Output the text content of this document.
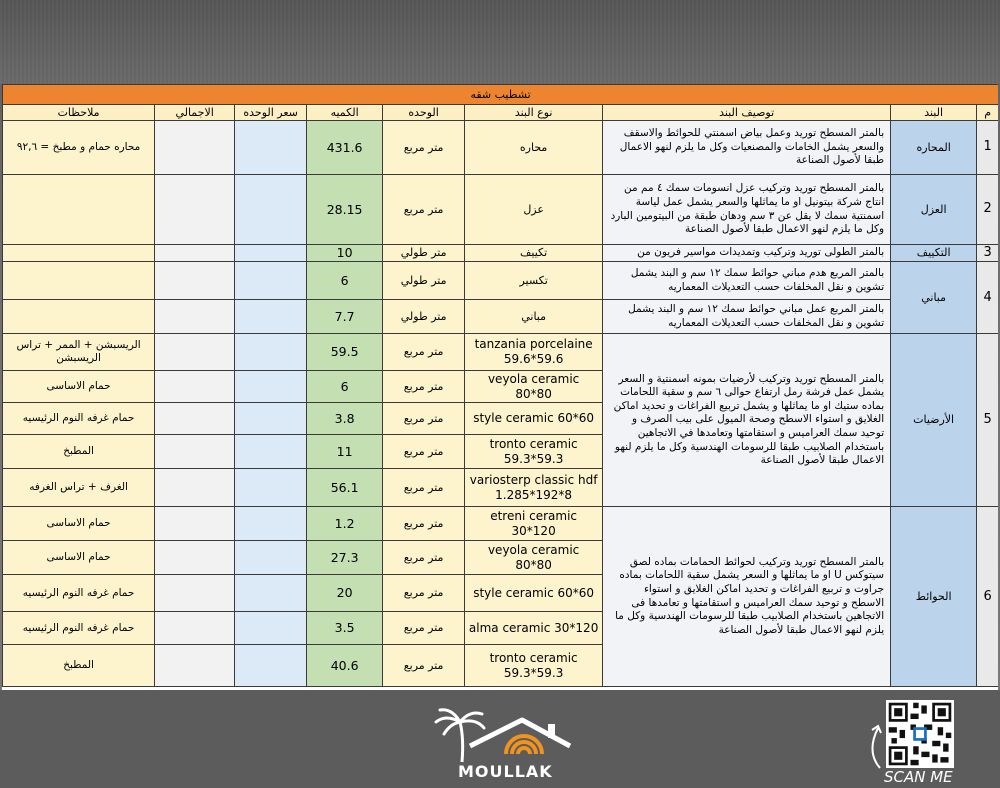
تشطيب شقه								
م	البند	توصيف البند	نوع البند	الوحده	الكميه	سعر الوحده	الاجمالي	ملاحظات
1	المحاره	بالمتر المسطح توريد وعمل بياض اسمنتي للحوائط والاسقف والسعر يشمل الخامات والمصنعيات وكل ما يلزم لنهو الاعمال طبقا لأصول الصناعة	محاره	متر مربع	431.6			محاره حمام و مطبخ = ٩٢,٦
2	العزل	بالمتر المسطح توريد وتركيب عزل انسومات سمك ٤ مم من انتاج شركة بيتونيل او ما يماثلها والسعر يشمل عمل لياسة اسمنتية سمك لا يقل عن ٣ سم ودهان طبقة من البيتومين البارد وكل ما يلزم لنهو الاعمال طبقا لأصول الصناعة	عزل	متر مربع	28.15			
3	التكييف	بالمتر الطولى توريد وتركيب وتمديدات مواسير فريون من	تكييف	متر طولي	10			
4	مباني	بالمتر المربع هدم مباني حوائط سمك ١٢ سم و البند يشمل تشوين و نقل المخلفات حسب التعديلات المعماريه	تكسير	متر طولي	6			
		بالمتر المربع عمل مباني حوائط سمك ١٢ سم و البند يشمل تشوين و نقل المخلفات حسب التعديلات المعماريه	مباني	متر طولي	7.7			
5	الأرضيات	بالمتر المسطح توريد وتركيب لأرضيات بمونه اسمنتية و السعر يشمل عمل فرشة رمل ارتفاع حوالى ٦ سم و سقية اللحامات بماده ستيك او ما يماثلها و يشمل تربيع الفراغات و تحديد اماكن الغلايق و استواء الاسطح وصحة الميول على بيب الصرف و توحيد سمك العراميس و استقامتها وتعامدها في الاتجاهين باستخدام الصلابيب طبقا للرسومات الهندسية وكل ما يلزم لنهو الاعمال طبقا لأصول الصناعة	tanzania porcelaine 59.6*59.6	متر مربع	59.5			الريسبشن + الممر + تراس الريسبشن
			veyola ceramic 80*80	متر مربع	6			حمام الاساسى
			style ceramic 60*60	متر مربع	3.8			حمام غرفه النوم الرئيسيه
			tronto ceramic 59.3*59.3	متر مربع	11			المطبخ
			variosterp classic hdf 1.285*192*8	متر مربع	56.1			الغرف + تراس الغرفه
6	الحوائط	بالمتر المسطح توريد وتركيب لحوائط الحمامات بماده لصق سيتوكس U او ما يماثلها و السعر يشمل سقية اللحامات بماده جراوت و تربيع الفراغات و تحديد اماكن الغلايق و استواء الاسطح و توحيد سمك العراميس و استقامتها و تعامدها فى الاتجاهين باستخدام الصلابيب طبقا للرسومات الهندسية وكل ما يلزم لنهو الاعمال طبقا لأصول الصناعة	etreni ceramic 30*120	متر مربع	1.2			حمام الاساسى
			veyola ceramic 80*80	متر مربع	27.3			حمام الاساسى
			style ceramic 60*60	متر مربع	20			حمام غرفه النوم الرئيسيه
			alma ceramic 30*120	متر مربع	3.5			حمام غرفه النوم الرئيسيه
			tronto ceramic 59.3*59.3	متر مربع	40.6			المطبخ
MOULLAK	SCAN ME
